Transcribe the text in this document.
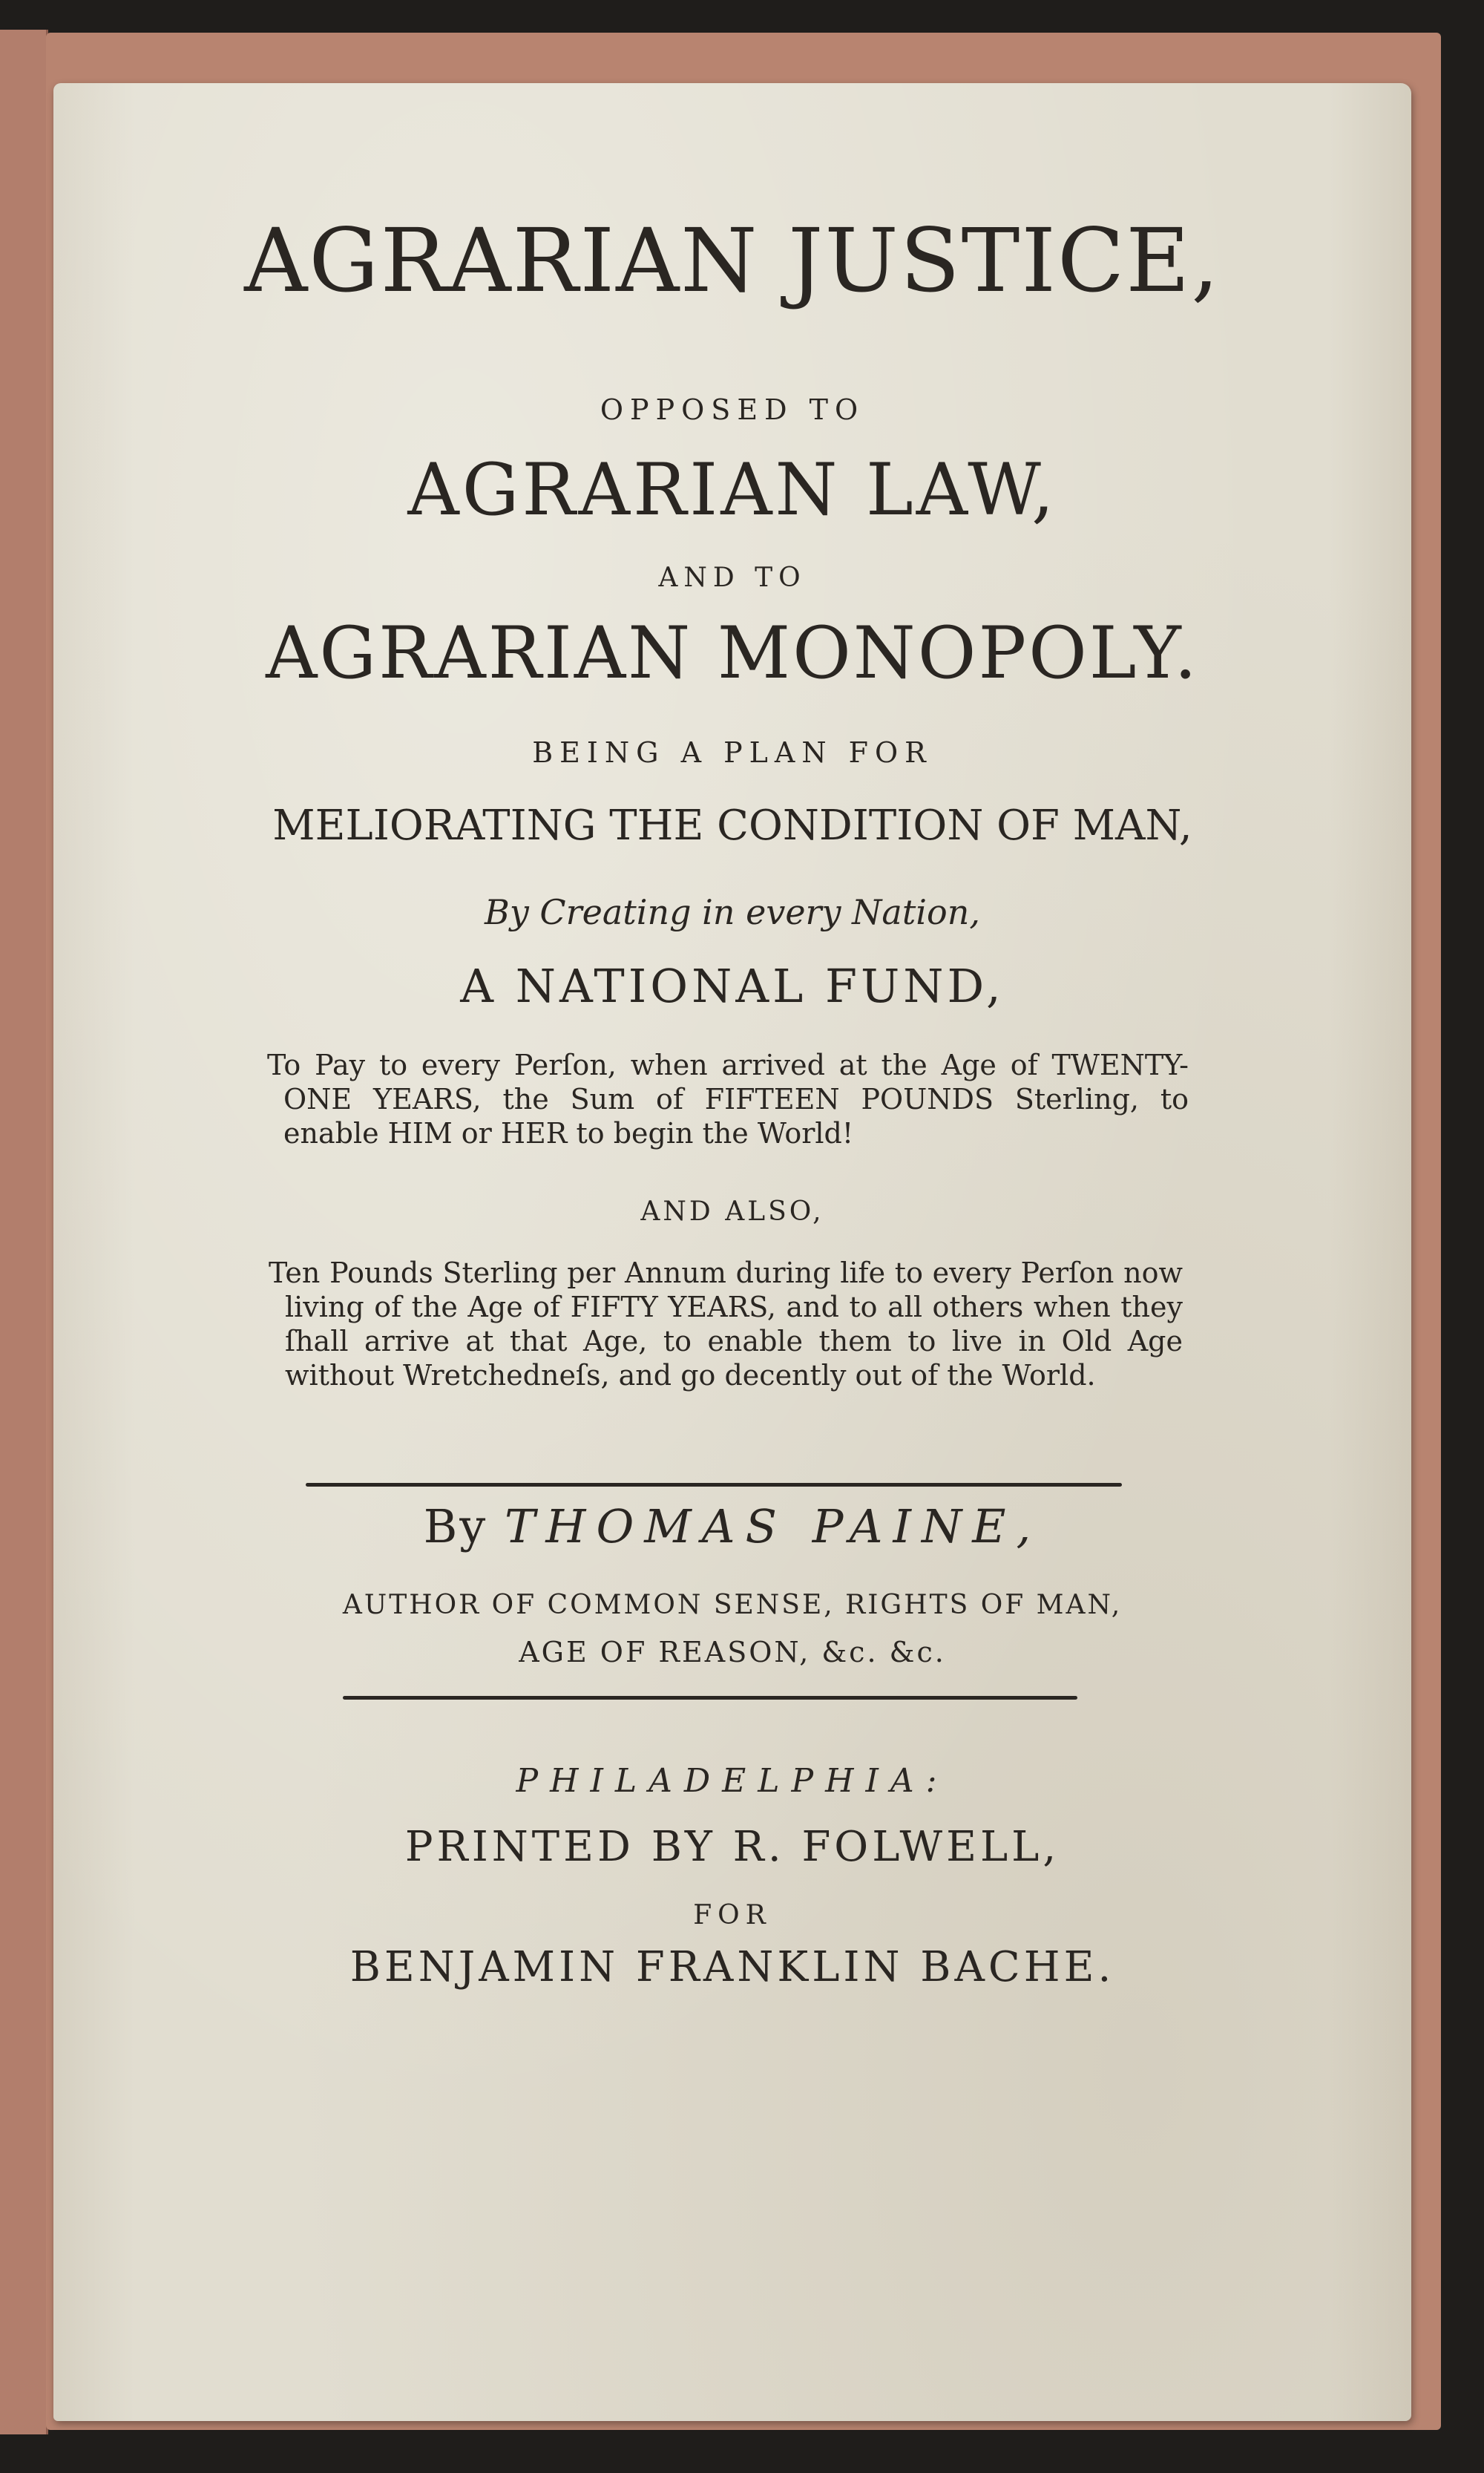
AGRARIAN JUSTICE,

OPPOSED TO

AGRARIAN LAW,

AND TO

AGRARIAN MONOPOLY.

BEING A PLAN FOR

MELIORATING THE CONDITION OF MAN,

By Creating in every Nation,

A NATIONAL FUND,

To Pay to every Perſon, when arrived at the Age of TWENTY-ONE YEARS, the Sum of FIFTEEN POUNDS Sterling, to enable HIM or HER to begin the World!

AND ALSO,

Ten Pounds Sterling per Annum during life to every Perſon now living of the Age of FIFTY YEARS, and to all others when they ſhall arrive at that Age, to enable them to live in Old Age without Wretchedneſs, and go decently out of the World.

By THOMAS PAINE,

AUTHOR OF COMMON SENSE, RIGHTS OF MAN,

AGE OF REASON, &c. &c.

PHILADELPHIA:

PRINTED BY R. FOLWELL,

FOR

BENJAMIN FRANKLIN BACHE.
